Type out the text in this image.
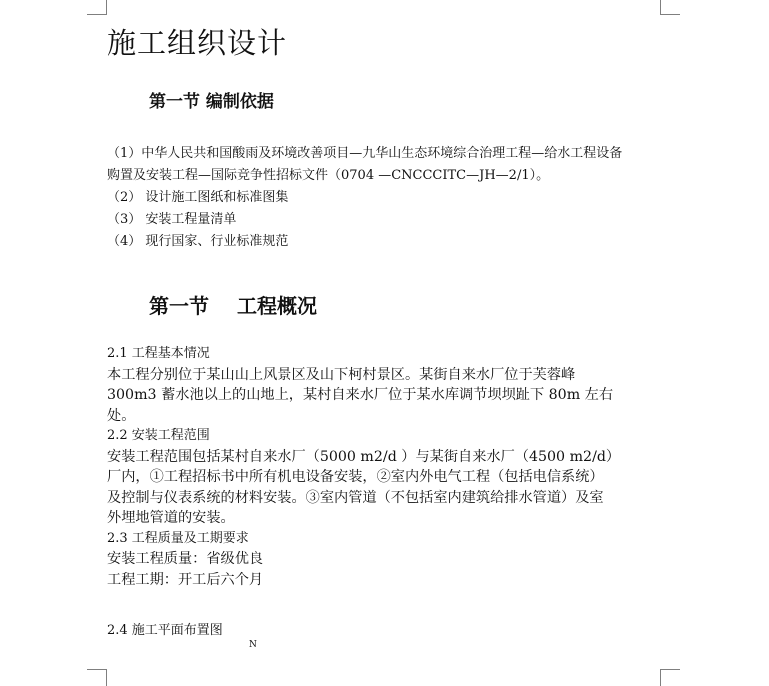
施工组织设计
第一节 编制依据

（1）中华人民共和国酸雨及环境改善项目—九华山生态环境综合治理工程—给水工程设备

购置及安装工程—国际竞争性招标文件（0704 —CNCCCITC—JH—2/1）。

（2） 设计施工图纸和标准图集

（3） 安装工程量清单

（4） 现行国家、行业标准规范

第一节 工程概况

2.1 工程基本情况

本工程分别位于某山山上风景区及山下柯村景区。某街自来水厂位于芙蓉峰

300m3 蓄水池以上的山地上，某村自来水厂位于某水库调节坝坝趾下 80m 左右

处。

2.2 安装工程范围

安装工程范围包括某村自来水厂（5000 m2/d ）与某街自来水厂（4500 m2/d）

厂内，①工程招标书中所有机电设备安装，②室内外电气工程（包括电信系统）

及控制与仪表系统的材料安装。③室内管道（不包括室内建筑给排水管道）及室

外埋地管道的安装。

2.3 工程质量及工期要求

安装工程质量：省级优良

工程工期：开工后六个月

2.4 施工平面布置图
N
